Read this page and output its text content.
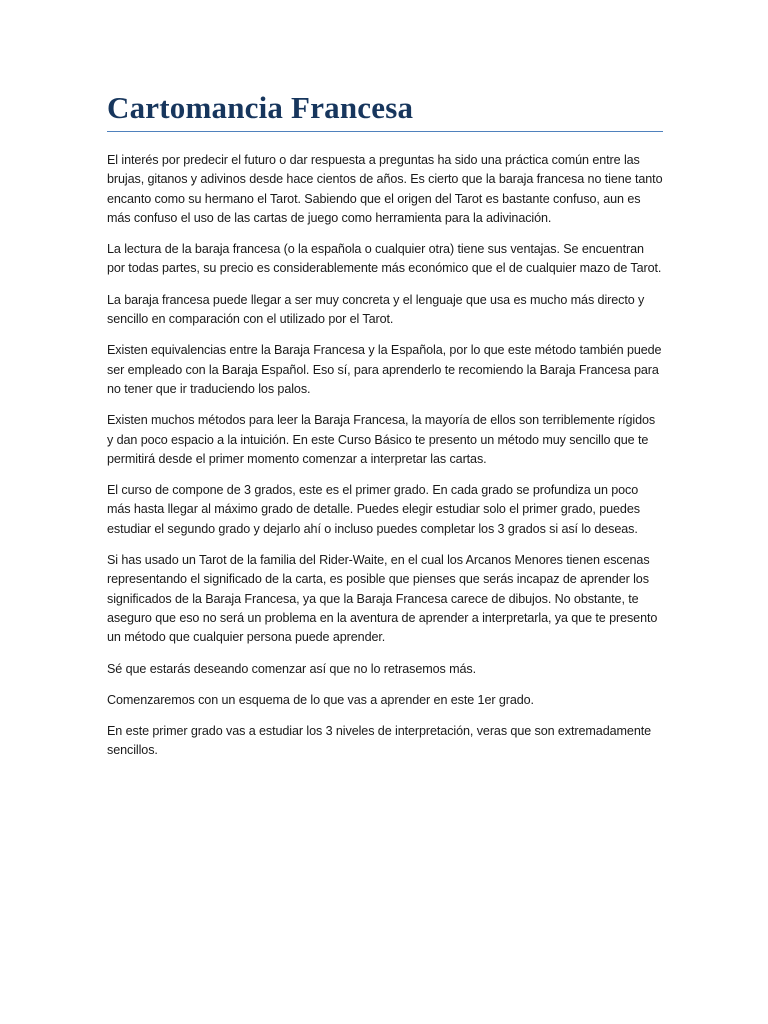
Cartomancia Francesa

El interés por predecir el futuro o dar respuesta a preguntas ha sido una práctica común entre las brujas, gitanos y adivinos desde hace cientos de años. Es cierto que la baraja francesa no tiene tanto encanto como su hermano el Tarot. Sabiendo que el origen del Tarot es bastante confuso, aun es más confuso el uso de las cartas de juego como herramienta para la adivinación.

La lectura de la baraja francesa (o la española o cualquier otra) tiene sus ventajas. Se encuentran por todas partes, su precio es considerablemente más económico que el de cualquier mazo de Tarot.

La baraja francesa puede llegar a ser muy concreta y el lenguaje que usa es mucho más directo y sencillo en comparación con el utilizado por el Tarot.

Existen equivalencias entre la Baraja Francesa y la Española, por lo que este método también puede ser empleado con la Baraja Español. Eso sí, para aprenderlo te recomiendo la Baraja Francesa para no tener que ir traduciendo los palos.

Existen muchos métodos para leer la Baraja Francesa, la mayoría de ellos son terriblemente rígidos y dan poco espacio a la intuición. En este Curso Básico te presento un método muy sencillo que te permitirá desde el primer momento comenzar a interpretar las cartas.

El curso de compone de 3 grados, este es el primer grado. En cada grado se profundiza un poco más hasta llegar al máximo grado de detalle. Puedes elegir estudiar solo el primer grado, puedes estudiar el segundo grado y dejarlo ahí o incluso puedes completar los 3 grados si así lo deseas.

Si has usado un Tarot de la familia del Rider-Waite, en el cual los Arcanos Menores tienen escenas representando el significado de la carta, es posible que pienses que serás incapaz de aprender los significados de la Baraja Francesa, ya que la Baraja Francesa carece de dibujos. No obstante, te aseguro que eso no será un problema en la aventura de aprender a interpretarla, ya que te presento un método que cualquier persona puede aprender.

Sé que estarás deseando comenzar así que no lo retrasemos más.

Comenzaremos con un esquema de lo que vas a aprender en este 1er grado.

En este primer grado vas a estudiar los 3 niveles de interpretación, veras que son extremadamente sencillos.
